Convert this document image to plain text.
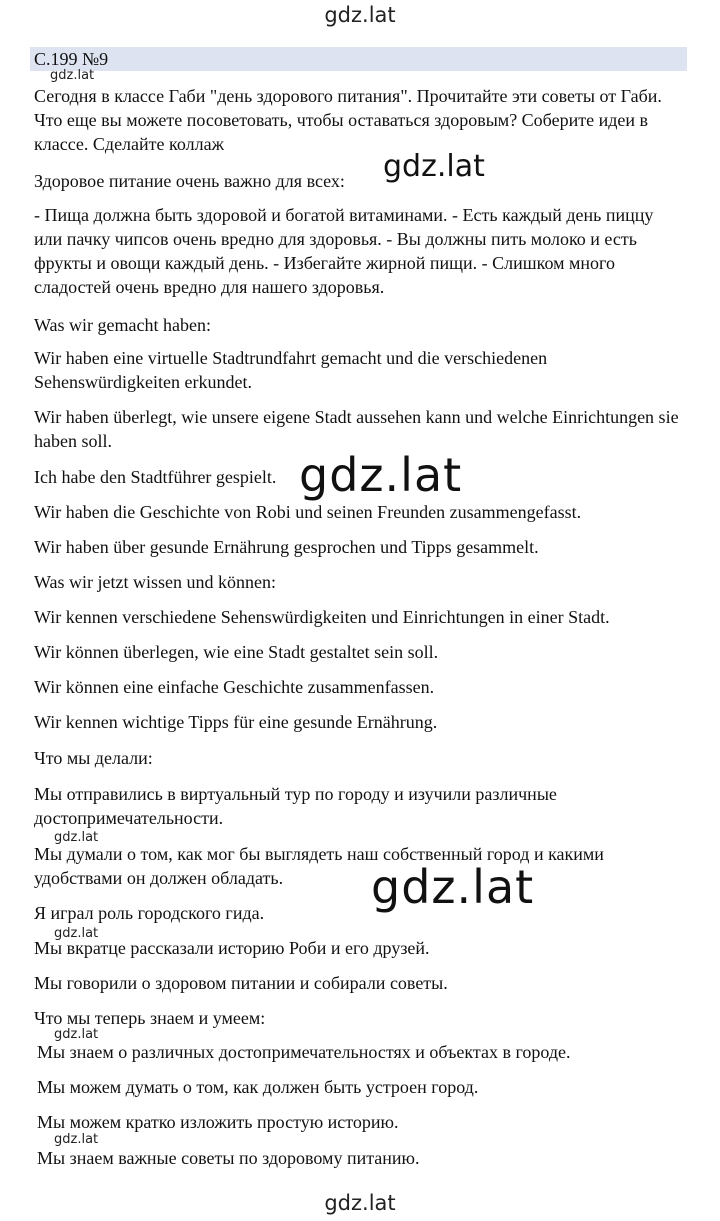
gdz.lat
С.199 №9

Сегодня в классе Габи "день здорового питания". Прочитайте эти советы от Габи. Что еще вы можете посоветовать, чтобы оставаться здоровым? Соберите идеи в классе. Сделайте коллаж

Здоровое питание очень важно для всех:

- Пища должна быть здоровой и богатой витаминами. - Есть каждый день пиццу или пачку чипсов очень вредно для здоровья. - Вы должны пить молоко и есть фрукты и овощи каждый день. - Избегайте жирной пищи. - Слишком много сладостей очень вредно для нашего здоровья.

Was wir gemacht haben:

Wir haben eine virtuelle Stadtrundfahrt gemacht und die verschiedenen Sehenswürdigkeiten erkundet.

Wir haben überlegt, wie unsere eigene Stadt aussehen kann und welche Einrichtungen sie haben soll.

Ich habe den Stadtführer gespielt.

Wir haben die Geschichte von Robi und seinen Freunden zusammengefasst.

Wir haben über gesunde Ernährung gesprochen und Tipps gesammelt.

Was wir jetzt wissen und können:

Wir kennen verschiedene Sehenswürdigkeiten und Einrichtungen in einer Stadt.

Wir können überlegen, wie eine Stadt gestaltet sein soll.

Wir können eine einfache Geschichte zusammenfassen.

Wir kennen wichtige Tipps für eine gesunde Ernährung.

Что мы делали:

Мы отправились в виртуальный тур по городу и изучили различные достопримечательности.

Мы думали о том, как мог бы выглядеть наш собственный город и какими удобствами он должен обладать.

Я играл роль городского гида.

Мы вкратце рассказали историю Роби и его друзей.

Мы говорили о здоровом питании и собирали советы.

Что мы теперь знаем и умеем:

Мы знаем о различных достопримечательностях и объектах в городе.

Мы можем думать о том, как должен быть устроен город.

Мы можем кратко изложить простую историю.

Мы знаем важные советы по здоровому питанию.

gdz.lat
gdz.lat
gdz.lat
gdz.lat
gdz.lat
gdz.lat
gdz.lat
gdz.lat
gdz.lat
